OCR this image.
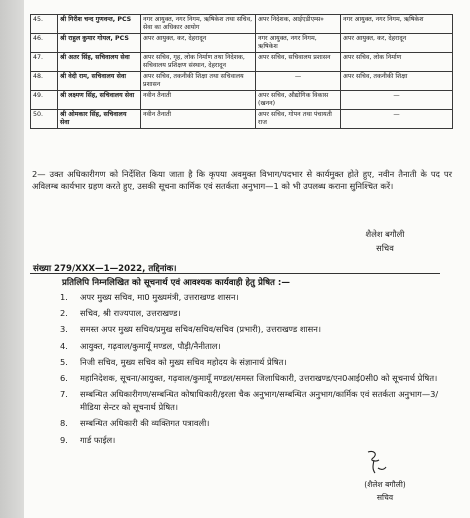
45.	श्री गिरीश चन्द गुणवन्त, PCS	नगर आयुक्त, नगर निगम, ऋषिकेश तथा सचिव, सेवा का अधिकार आयोग	अपर निदेशक, आईएडीएम्स०	नगर आयुक्त, नगर निगम, ऋषिकेश
46.	श्री राहुल कुमार गोयल, PCS	अपर आयुक्त, कर, देहरादून	नगर आयुक्त, नगर निगम, ऋषिकेश	अपर आयुक्त, कर, देहरादून
47.	श्री अतर सिंह, सचिवालय सेवा	अपर सचिव, गृह, लोक निर्माण तथा निदेशक, सचिवालय प्रशिक्षण संस्थान, देहरादून	अपर सचिव, सचिवालय प्रशासन	अपर सचिव, लोक निर्माण
48.	श्री वेदी राम, सचिवालय सेवा	अपर सचिव, तकनीकी शिक्षा तथा सचिवालय प्रशासन	—	अपर सचिव, तकनीकी शिक्षा
49.	श्री लक्ष्मण सिंह, सचिवालय सेवा	नवीन तैनाती	अपर सचिव, औद्योगिक विकास (खनन)	—
50.	श्री ओमकार सिंह, सचिवालय सेवा	नवीन तैनाती	अपर सचिव, गोपन तथा पंचायती राज	—
2— उक्त अधिकारीगण को निर्देशित किया जाता है कि कृपया अवमुक्त विभाग/पदभार से कार्यमुक्त होते हुए, नवीन तैनाती के पद पर अविलम्ब कार्यभार ग्रहण करते हुए, उसकी सूचना कार्मिक एवं सतर्कता अनुभाग—1 को भी उपलब्ध कराना सुनिश्चित करें।
शैलेश बगौली
सचिव
संख्या 279/XXX—1—2022, तद्दिनांक।
प्रतिलिपि निम्नलिखित को सूचनार्थ एवं आवश्यक कार्यवाही हेतु प्रेषित :—
1.	अपर मुख्य सचिव, मा0 मुख्यमंत्री, उत्तराखण्ड शासन।
2.	सचिव, श्री राज्यपाल, उत्तराखण्ड।
3.	समस्त अपर मुख्य सचिव/प्रमुख सचिव/सचिव/सचिव (प्रभारी), उत्तराखण्ड शासन।
4.	आयुक्त, गढ़वाल/कुमायूँ मण्डल, पौड़ी/नैनीताल।
5.	निजी सचिव, मुख्य सचिव को मुख्य सचिव महोदय के संज्ञानार्थ प्रेषित।
6.	महानिदेशक, सूचना/आयुक्त, गढ़वाल/कुमायूँ मण्डल/समस्त जिलाधिकारी, उत्तराखण्ड/एन0आई0सी0 को सूचनार्थ प्रेषित।
7.	सम्बन्धित अधिकारीगण/सम्बन्धित कोषाधिकारी/इरला चैक अनुभाग/सम्बन्धित अनुभाग/कार्मिक एवं सतर्कता अनुभाग—3/मीडिया सेन्टर को सूचनार्थ प्रेषित।
8.	सम्बन्धित अधिकारी की व्यक्तिगत पत्रावली।
9.	गार्ड फाईल।
(शैलेश बगौली)
सचिव
